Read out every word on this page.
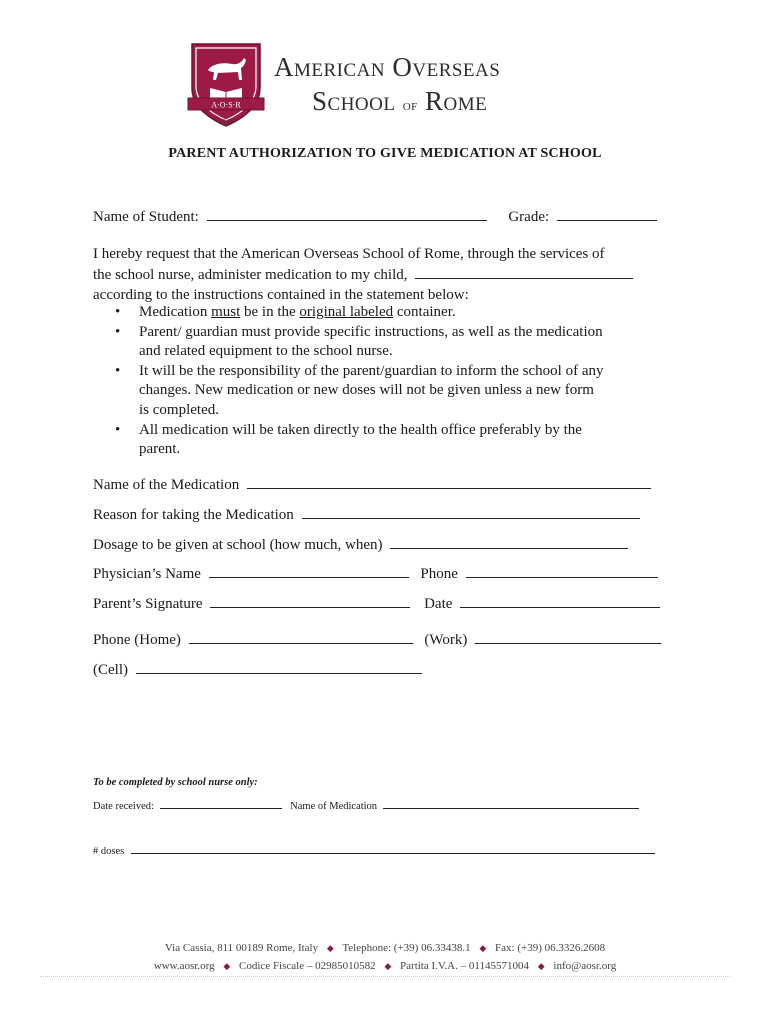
A·O·S·R
1947
American Overseas
School of Rome
PARENT AUTHORIZATION TO GIVE MEDICATION AT SCHOOL
Name of Student:	Grade:
I hereby request that the American Overseas School of Rome, through the services of
the school nurse, administer medication to my child,
according to the instructions contained in the statement below:
• Medication must be in the original labeled container.
• Parent/ guardian must provide specific instructions, as well as the medication
and related equipment to the school nurse.
• It will be the responsibility of the parent/guardian to inform the school of any
changes. New medication or new doses will not be given unless a new form
is completed.
• All medication will be taken directly to the health office preferably by the
parent.
Name of the Medication
Reason for taking the Medication
Dosage to be given at school (how much, when)
Physician’s Name	Phone
Parent’s Signature	Date
Phone (Home)	(Work)
(Cell)
To be completed by school nurse only:
Date received:	Name of Medication
# doses
Via Cassia, 811 00189 Rome, Italy ◆ Telephone: (+39) 06.33438.1 ◆ Fax: (+39) 06.3326.2608
www.aosr.org ◆ Codice Fiscale – 02985010582 ◆ Partita I.V.A. – 01145571004 ◆ info@aosr.org
